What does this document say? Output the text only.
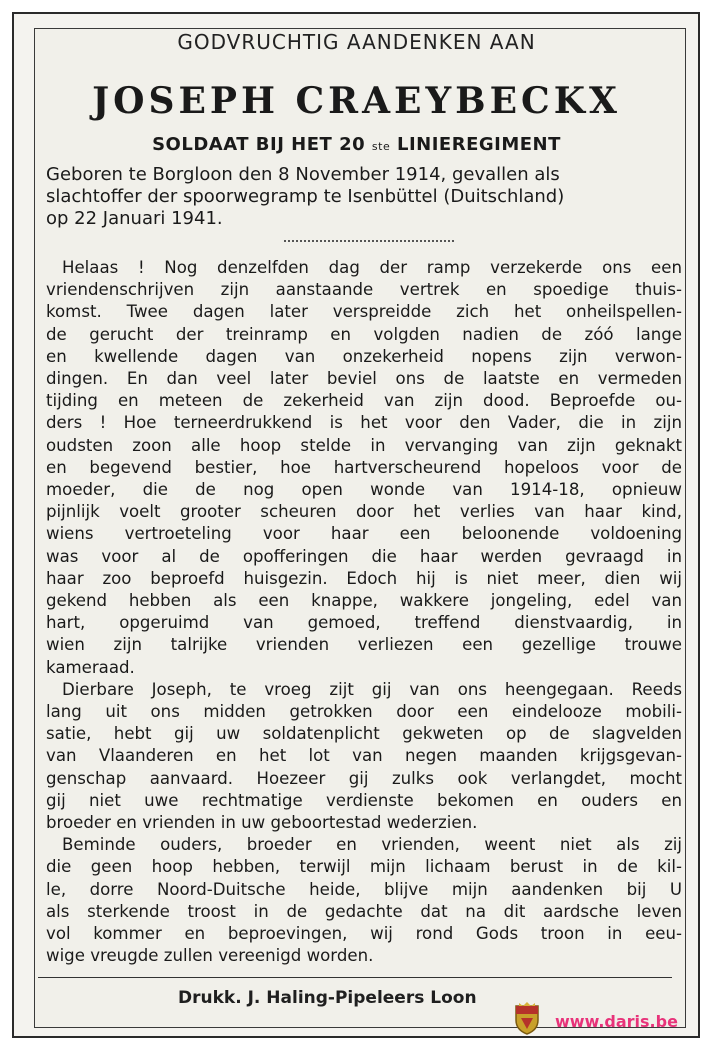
GODVRUCHTIG AANDENKEN AAN
JOSEPH CRAEYBECKX
SOLDAAT BIJ HET 20 ste LINIEREGIMENT
Geboren te Borgloon den 8 November 1914, gevallen als
slachtoffer der spoorwegramp te Isenbüttel (Duitschland)
op 22 Januari 1941.
Helaas ! Nog denzelfden dag der ramp verzekerde ons een
vriendenschrijven zijn aanstaande vertrek en spoedige thuis-
komst. Twee dagen later verspreidde zich het onheilspellen-
de gerucht der treinramp en volgden nadien de zóó lange
en kwellende dagen van onzekerheid nopens zijn verwon-
dingen. En dan veel later beviel ons de laatste en vermeden
tijding en meteen de zekerheid van zijn dood. Beproefde ou-
ders ! Hoe terneerdrukkend is het voor den Vader, die in zijn
oudsten zoon alle hoop stelde in vervanging van zijn geknakt
en begevend bestier, hoe hartverscheurend hopeloos voor de
moeder, die de nog open wonde van 1914-18, opnieuw
pijnlijk voelt grooter scheuren door het verlies van haar kind,
wiens vertroeteling voor haar een beloonende voldoening
was voor al de opofferingen die haar werden gevraagd in
haar zoo beproefd huisgezin. Edoch hij is niet meer, dien wij
gekend hebben als een knappe, wakkere jongeling, edel van
hart, opgeruimd van gemoed, treffend dienstvaardig, in
wien zijn talrijke vrienden verliezen een gezellige trouwe
kameraad.
Dierbare Joseph, te vroeg zijt gij van ons heengegaan. Reeds
lang uit ons midden getrokken door een eindelooze mobili-
satie, hebt gij uw soldatenplicht gekweten op de slagvelden
van Vlaanderen en het lot van negen maanden krijgsgevan-
genschap aanvaard. Hoezeer gij zulks ook verlangdet, mocht
gij niet uwe rechtmatige verdienste bekomen en ouders en
broeder en vrienden in uw geboortestad wederzien.
Beminde ouders, broeder en vrienden, weent niet als zij
die geen hoop hebben, terwijl mijn lichaam berust in de kil-
le, dorre Noord-Duitsche heide, blijve mijn aandenken bij U
als sterkende troost in de gedachte dat na dit aardsche leven
vol kommer en beproevingen, wij rond Gods troon in eeu-
wige vreugde zullen vereenigd worden.
Drukk. J. Haling-Pipeleers Loon
www.daris.be
